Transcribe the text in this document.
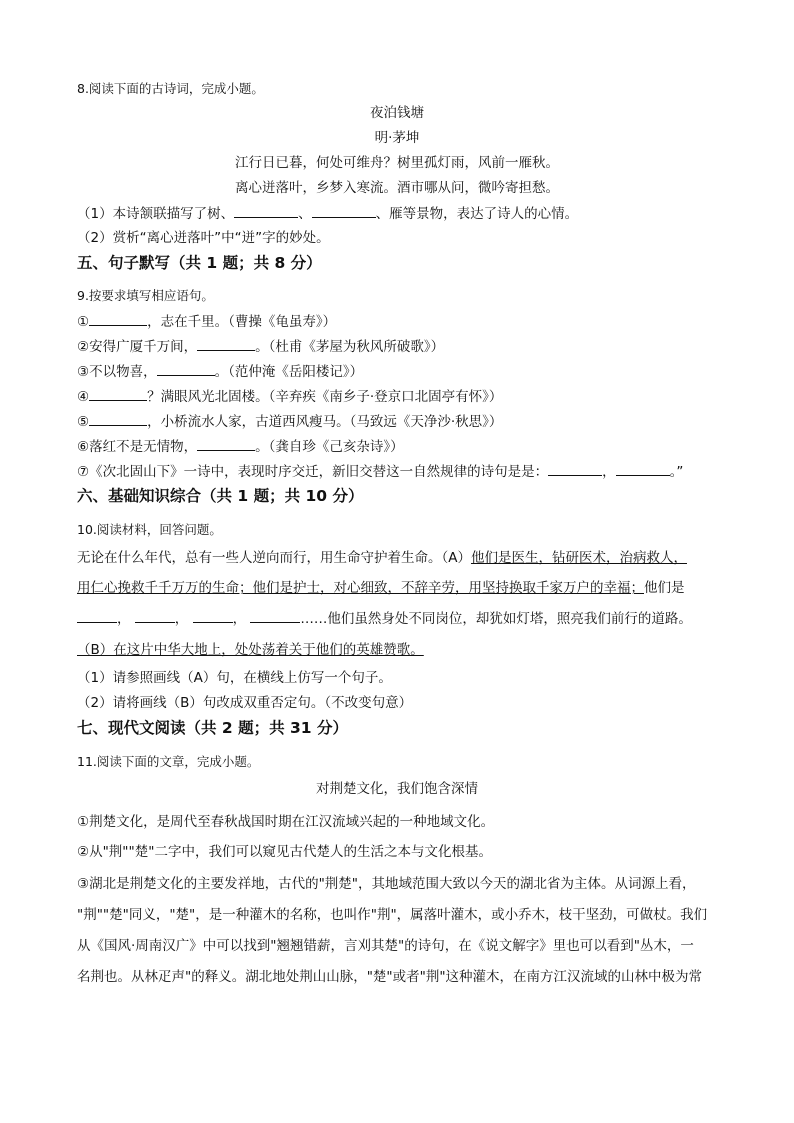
8.阅读下面的古诗词，完成小题。
夜泊钱塘
明·茅坤
江行日已暮，何处可维舟？树里孤灯雨，风前一雁秋。
离心迸落叶，乡梦入寒流。酒市哪从问，微吟寄担愁。
（1）本诗颔联描写了树、	、	、雁等景物，表达了诗人的心情。
（2）赏析“离心迸落叶”中“迸”字的妙处。
五、句子默写（共 1 题；共 8 分）
9.按要求填写相应语句。
①	，志在千里。（曹操《龟虽寿》）
②安得广厦千万间，	。（杜甫《茅屋为秋风所破歌》）
③不以物喜，	。（范仲淹《岳阳楼记》）
④	？满眼风光北固楼。（辛弃疾《南乡子·登京口北固亭有怀》）
⑤	，小桥流水人家，古道西风瘦马。（马致远《天净沙·秋思》）
⑥落红不是无情物，	。（龚自珍《己亥杂诗》）
⑦《次北固山下》一诗中，表现时序交迁，新旧交替这一自然规律的诗句是是：	，	。”
六、基础知识综合（共 1 题；共 10 分）
10.阅读材料，回答问题。
无论在什么年代，总有一些人逆向而行，用生命守护着生命。（A）他们是医生，钻研医术，治病救人，
用仁心挽救千千万万的生命；他们是护士，对心细致，不辞辛劳，用坚持换取千家万户的幸福；他们是
，	，	，	……他们虽然身处不同岗位，却犹如灯塔，照亮我们前行的道路。
（B）在这片中华大地上，处处荡着关于他们的英雄赞歌。
（1）请参照画线（A）句，在横线上仿写一个句子。
（2）请将画线（B）句改成双重否定句。（不改变句意）
七、现代文阅读（共 2 题；共 31 分）
11.阅读下面的文章，完成小题。
对荆楚文化，我们饱含深情
①荆楚文化，是周代至春秋战国时期在江汉流域兴起的一种地域文化。
②从"荆""楚"二字中，我们可以窥见古代楚人的生活之本与文化根基。
③湖北是荆楚文化的主要发祥地，古代的"荆楚"，其地域范围大致以今天的湖北省为主体。从词源上看，
"荆""楚"同义，"楚"，是一种灌木的名称，也叫作"荆"，属落叶灌木，或小乔木，枝干坚劲，可做杖。我们
从《国风·周南汉广》中可以找到"翘翘错薪，言刈其楚"的诗句，在《说文解字》里也可以看到"丛木，一
名荆也。从林疋声"的释义。湖北地处荆山山脉，"楚"或者"荆"这种灌木，在南方江汉流域的山林中极为常
